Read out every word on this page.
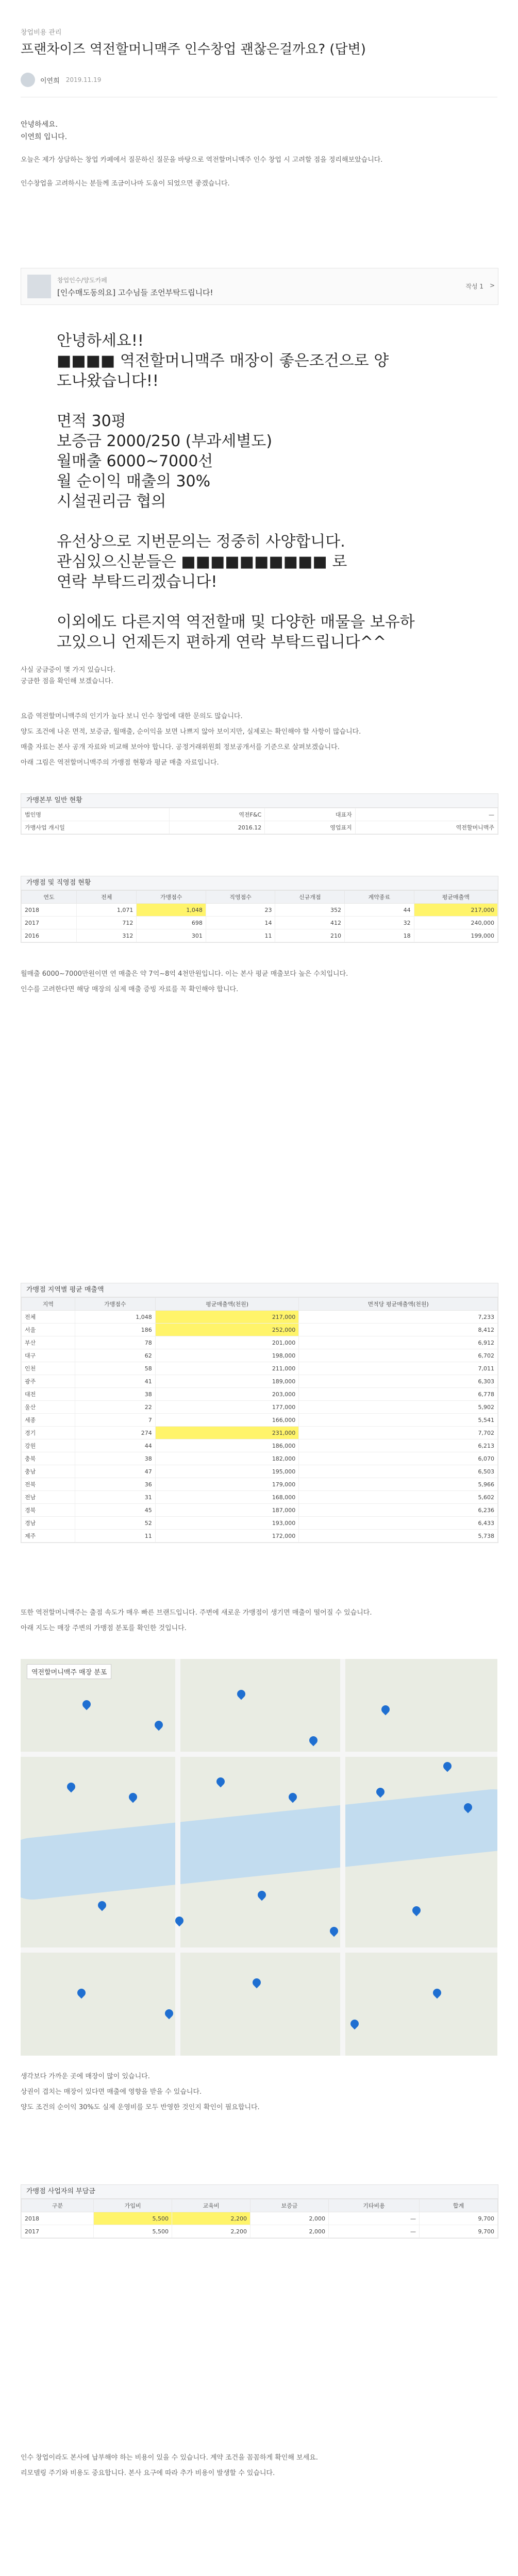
창업비용 관리
프랜차이즈 역전할머니맥주 인수창업 괜찮은걸까요? (답변)
이연희 2019.11.19

안녕하세요.

이연희 입니다.

오늘은 제가 상담하는 창업 카페에서 질문하신 질문을 바탕으로 역전할머니맥주 인수 창업 시 고려할 점을 정리해보았습니다.

인수창업을 고려하시는 분들께 조금이나마 도움이 되었으면 좋겠습니다.

창업인수/양도카페
[인수매도동의요] 고수님들 조언부탁드립니다!
작성 1 >
안녕하세요!!
■■■■ 역전할머니맥주 매장이 좋은조건으로 양
도나왔습니다!!
면적 30평
보증금 2000/250 (부과세별도)
월매출 6000~7000선
월 순이익 매출의 30%
시설권리금 협의
유선상으로 지번문의는 정중히 사양합니다.
관심있으신분들은 ■■■■■■■■■■ 로
연락 부탁드리겠습니다!
이외에도 다른지역 역전할매 및 다양한 매물을 보유하
고있으니 언제든지 편하게 연락 부탁드립니다^^

사실 궁금증이 몇 가지 있습니다.

궁금한 점을 확인해 보겠습니다.

요즘 역전할머니맥주의 인기가 높다 보니 인수 창업에 대한 문의도 많습니다.

양도 조건에 나온 면적, 보증금, 월매출, 순이익을 보면 나쁘지 않아 보이지만, 실제로는 확인해야 할 사항이 많습니다.

매출 자료는 본사 공개 자료와 비교해 보아야 합니다. 공정거래위원회 정보공개서를 기준으로 살펴보겠습니다.

아래 그림은 역전할머니맥주의 가맹점 현황과 평균 매출 자료입니다.

가맹본부 일반 현황
법인명	역전F&C	대표자	—
가맹사업 개시일	2016.12	영업표지	역전할머니맥주
가맹점 및 직영점 현황
연도	전체	가맹점수	직영점수	신규개점	계약종료	평균매출액
2018	1,071	1,048	23	352	44	217,000
2017	712	698	14	412	32	240,000
2016	312	301	11	210	18	199,000

월매출 6000~7000만원이면 연 매출은 약 7억~8억 4천만원입니다. 이는 본사 평균 매출보다 높은 수치입니다.

인수를 고려한다면 해당 매장의 실제 매출 증빙 자료를 꼭 확인해야 합니다.

가맹점 지역별 평균 매출액
지역	가맹점수	평균매출액(천원)	면적당 평균매출액(천원)
전체	1,048	217,000	7,233
서울	186	252,000	8,412
부산	78	201,000	6,912
대구	62	198,000	6,702
인천	58	211,000	7,011
광주	41	189,000	6,303
대전	38	203,000	6,778
울산	22	177,000	5,902
세종	7	166,000	5,541
경기	274	231,000	7,702
강원	44	186,000	6,213
충북	38	182,000	6,070
충남	47	195,000	6,503
전북	36	179,000	5,966
전남	31	168,000	5,602
경북	45	187,000	6,236
경남	52	193,000	6,433
제주	11	172,000	5,738

또한 역전할머니맥주는 출점 속도가 매우 빠른 브랜드입니다. 주변에 새로운 가맹점이 생기면 매출이 떨어질 수 있습니다.

아래 지도는 매장 주변의 가맹점 분포를 확인한 것입니다.

역전할머니맥주 매장 분포

생각보다 가까운 곳에 매장이 많이 있습니다.

상권이 겹치는 매장이 있다면 매출에 영향을 받을 수 있습니다.

양도 조건의 순이익 30%도 실제 운영비를 모두 반영한 것인지 확인이 필요합니다.

가맹점 사업자의 부담금
구분	가입비	교육비	보증금	기타비용	합계
2018	5,500	2,200	2,000	—	9,700
2017	5,500	2,200	2,000	—	9,700

인수 창업이라도 본사에 납부해야 하는 비용이 있을 수 있습니다. 계약 조건을 꼼꼼하게 확인해 보세요.

리모델링 주기와 비용도 중요합니다. 본사 요구에 따라 추가 비용이 발생할 수 있습니다.
